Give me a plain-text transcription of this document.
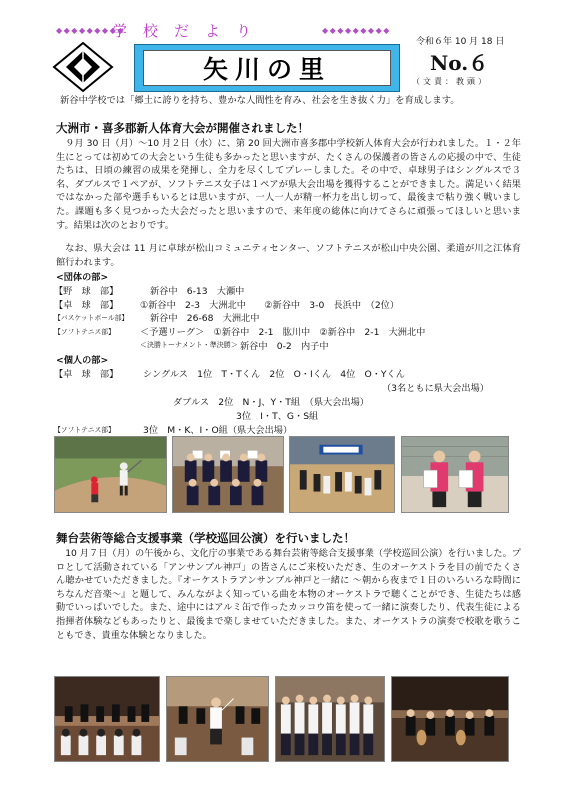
◆◆◆◆◆◆◆◆◆
学校だより	◆◆◆◆◆◆◆◆◆
令和６年 10 月 18 日
矢川の里	No.６
（文責：教頭）
新谷中学校では「郷土に誇りを持ち、豊かな人間性を育み、社会を生き抜く力」を育成します。
大洲市・喜多郡新人体育大会が開催されました！

９月 30 日（月）～10 月２日（水）に、第 20 回大洲市喜多郡中学校新人体育大会が行われました。１・２年生にとっては初めての大会という生徒も多かったと思いますが、たくさんの保護者の皆さんの応援の中で、生徒たちは、日頃の練習の成果を発揮し、全力を尽くしてプレーしました。その中で、卓球男子はシングルスで３名、ダブルスで１ペアが、ソフトテニス女子は１ペアが県大会出場を獲得することができました。満足いく結果ではなかった部や選手もいるとは思いますが、一人一人が精一杯力を出し切って、最後まで粘り強く戦いました。課題も多く見つかった大会だったと思いますので、来年度の総体に向けてさらに頑張ってほしいと思います。結果は次のとおりです。

なお、県大会は 11 月に卓球が松山コミュニティセンター、ソフトテニスが松山中央公園、柔道が川之江体育館行われます。

<団体の部>
【野　球　部】	新谷中　6-13　大瀬中
【卓　球　部】 ①新谷中　2-3　大洲北中　　②新谷中　3-0　長浜中　（2位）
【バスケットボール部】 新谷中　26-68　大洲北中
【ソフトテニス部】	＜予選リーグ＞　①新谷中　2-1　肱川中　②新谷中　2-1　大洲北中
＜決勝トーナメント・準決勝＞ 新谷中　0-2　内子中
<個人の部>
【卓　球　部】	シングルス　1位　T・Tくん　2位　O・Iくん　4位　O・Yくん
（3名ともに県大会出場）
ダブルス　2位　N・J、Y・T組　（県大会出場）
3位　I・T、G・S組
【ソフトテニス部】	3位　M・K、I・O組（県大会出場）
舞台芸術等総合支援事業（学校巡回公演）を行いました！

10 月７日（月）の午後から、文化庁の事業である舞台芸術等総合支援事業（学校巡回公演）を行いました。プロとして活動されている「アンサンブル神戸」の皆さんにご来校いただき、生のオーケストラを目の前でたくさん聴かせていただきました。『オーケストラアンサンブル神戸と一緒に ～朝から夜まで１日のいろいろな時間にちなんだ音楽～』と題して、みんながよく知っている曲を本物のオーケストラで聴くことができ、生徒たちは感動でいっぱいでした。また、途中にはアルミ缶で作ったカッコウ笛を使って一緒に演奏したり、代表生徒による指揮者体験などもあったりと、最後まで楽しませていただきました。また、オーケストラの演奏で校歌を歌うこともでき、貴重な体験となりました。
